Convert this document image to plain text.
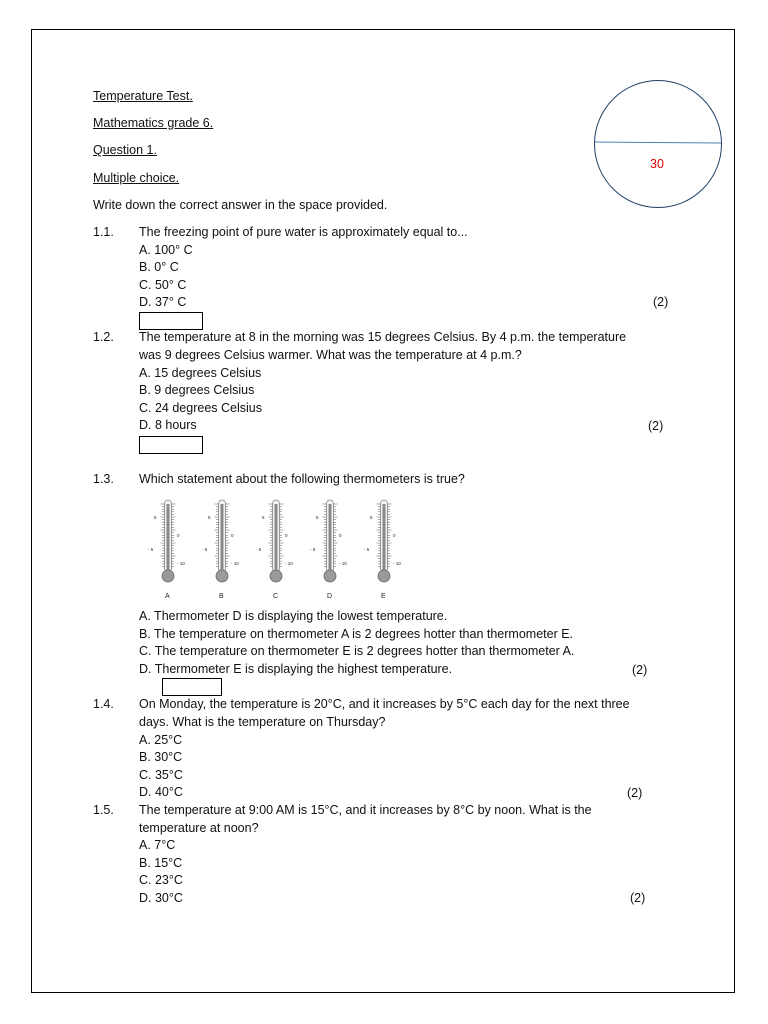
Temperature Test.
Mathematics grade 6.
Question 1.
Multiple choice.
Write down the correct answer in the space provided.
30
1.1. The freezing point of pure water is approximately equal to...
A. 100° C
B. 0° C
C. 50° C
D. 37° C	(2)
1.2. The temperature at 8 in the morning was 15 degrees Celsius. By 4 p.m. the temperature
was 9 degrees Celsius warmer. What was the temperature at 4 p.m.?
A. 15 degrees Celsius
B. 9 degrees Celsius
C. 24 degrees Celsius
D. 8 hours	(2)
1.3. Which statement about the following thermometers is true?
5
0
- 5
- 10
A
5
0
- 5
- 10
B
5
0
- 5
- 10
C
5
0
- 5
- 10
D
5
0
- 5
- 10
E
A. Thermometer D is displaying the lowest temperature.
B. The temperature on thermometer A is 2 degrees hotter than thermometer E.
C. The temperature on thermometer E is 2 degrees hotter than thermometer A.
D. Thermometer E is displaying the highest temperature.	(2)
1.4. On Monday, the temperature is 20°C, and it increases by 5°C each day for the next three
days. What is the temperature on Thursday?
A. 25°C
B. 30°C
C. 35°C
D. 40°C	(2)
1.5. The temperature at 9:00 AM is 15°C, and it increases by 8°C by noon. What is the
temperature at noon?
A. 7°C
B. 15°C
C. 23°C
D. 30°C	(2)
